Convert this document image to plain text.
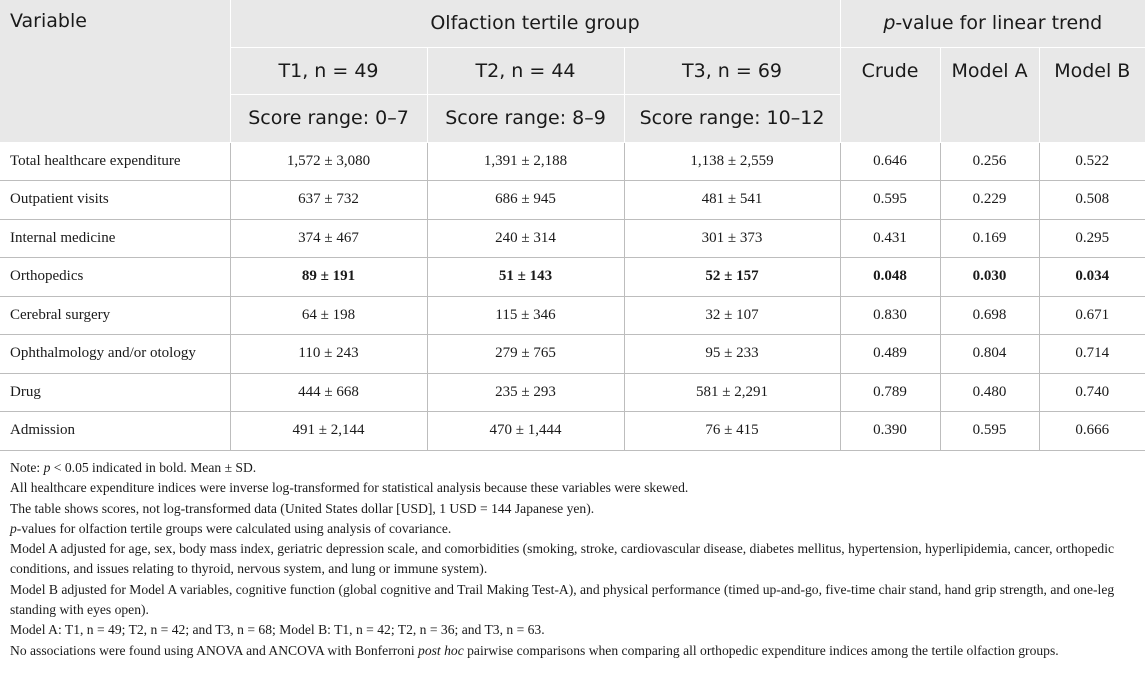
Variable	Olfaction tertile group			p-value for linear trend		
	T1, n = 49	T2, n = 44	T3, n = 69	Crude	Model A	Model B
	Score range: 0–7	Score range: 8–9	Score range: 10–12			
Total healthcare expenditure	1,572 ± 3,080	1,391 ± 2,188	1,138 ± 2,559	0.646	0.256	0.522
Outpatient visits	637 ± 732	686 ± 945	481 ± 541	0.595	0.229	0.508
Internal medicine	374 ± 467	240 ± 314	301 ± 373	0.431	0.169	0.295
Orthopedics	89 ± 191	51 ± 143	52 ± 157	0.048	0.030	0.034
Cerebral surgery	64 ± 198	115 ± 346	32 ± 107	0.830	0.698	0.671
Ophthalmology and/or otology	110 ± 243	279 ± 765	95 ± 233	0.489	0.804	0.714
Drug	444 ± 668	235 ± 293	581 ± 2,291	0.789	0.480	0.740
Admission	491 ± 2,144	470 ± 1,444	76 ± 415	0.390	0.595	0.666

Note: p < 0.05 indicated in bold. Mean ± SD.

All healthcare expenditure indices were inverse log-transformed for statistical analysis because these variables were skewed.

The table shows scores, not log-transformed data (United States dollar [USD], 1 USD = 144 Japanese yen).

p-values for olfaction tertile groups were calculated using analysis of covariance.

Model A adjusted for age, sex, body mass index, geriatric depression scale, and comorbidities (smoking, stroke, cardiovascular disease, diabetes mellitus, hypertension, hyperlipidemia, cancer, orthopedic conditions, and issues relating to thyroid, nervous system, and lung or immune system).

Model B adjusted for Model A variables, cognitive function (global cognitive and Trail Making Test-A), and physical performance (timed up-and-go, five-time chair stand, hand grip strength, and one-leg standing with eyes open).

Model A: T1, n = 49; T2, n = 42; and T3, n = 68; Model B: T1, n = 42; T2, n = 36; and T3, n = 63.

No associations were found using ANOVA and ANCOVA with Bonferroni post hoc pairwise comparisons when comparing all orthopedic expenditure indices among the tertile olfaction groups.
